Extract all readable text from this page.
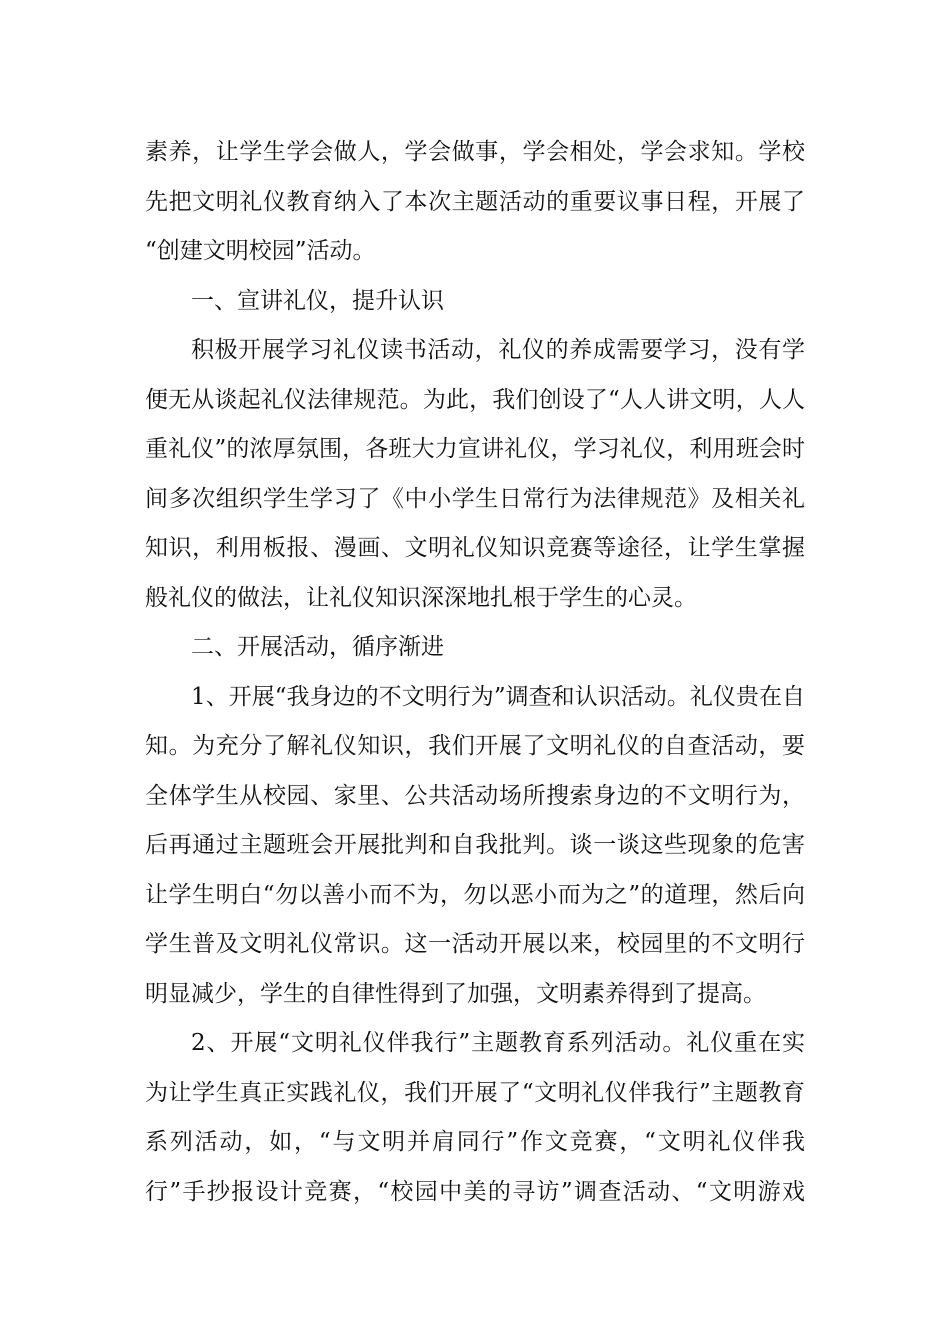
素养，让学生学会做人，学会做事，学会相处，学会求知。学校
先把文明礼仪教育纳入了本次主题活动的重要议事日程，开展了
“创建文明校园”活动。
一、宣讲礼仪，提升认识
积极开展学习礼仪读书活动，礼仪的养成需要学习，没有学
便无从谈起礼仪法律规范。为此，我们创设了“人人讲文明，人人
重礼仪”的浓厚氛围，各班大力宣讲礼仪，学习礼仪，利用班会时
间多次组织学生学习了《中小学生日常行为法律规范》及相关礼
知识，利用板报、漫画、文明礼仪知识竞赛等途径，让学生掌握
般礼仪的做法，让礼仪知识深深地扎根于学生的心灵。
二、开展活动，循序渐进
1、开展“我身边的不文明行为”调查和认识活动。礼仪贵在自
知。为充分了解礼仪知识，我们开展了文明礼仪的自查活动，要
全体学生从校园、家里、公共活动场所搜索身边的不文明行为，
后再通过主题班会开展批判和自我批判。谈一谈这些现象的危害
让学生明白“勿以善小而不为，勿以恶小而为之”的道理，然后向
学生普及文明礼仪常识。这一活动开展以来，校园里的不文明行
明显减少，学生的自律性得到了加强，文明素养得到了提高。
2、开展“文明礼仪伴我行”主题教育系列活动。礼仪重在实
为让学生真正实践礼仪，我们开展了“文明礼仪伴我行”主题教育
系列活动，如，“与文明并肩同行”作文竞赛，“文明礼仪伴我
行”手抄报设计竞赛，“校园中美的寻访”调查活动、“文明游戏
